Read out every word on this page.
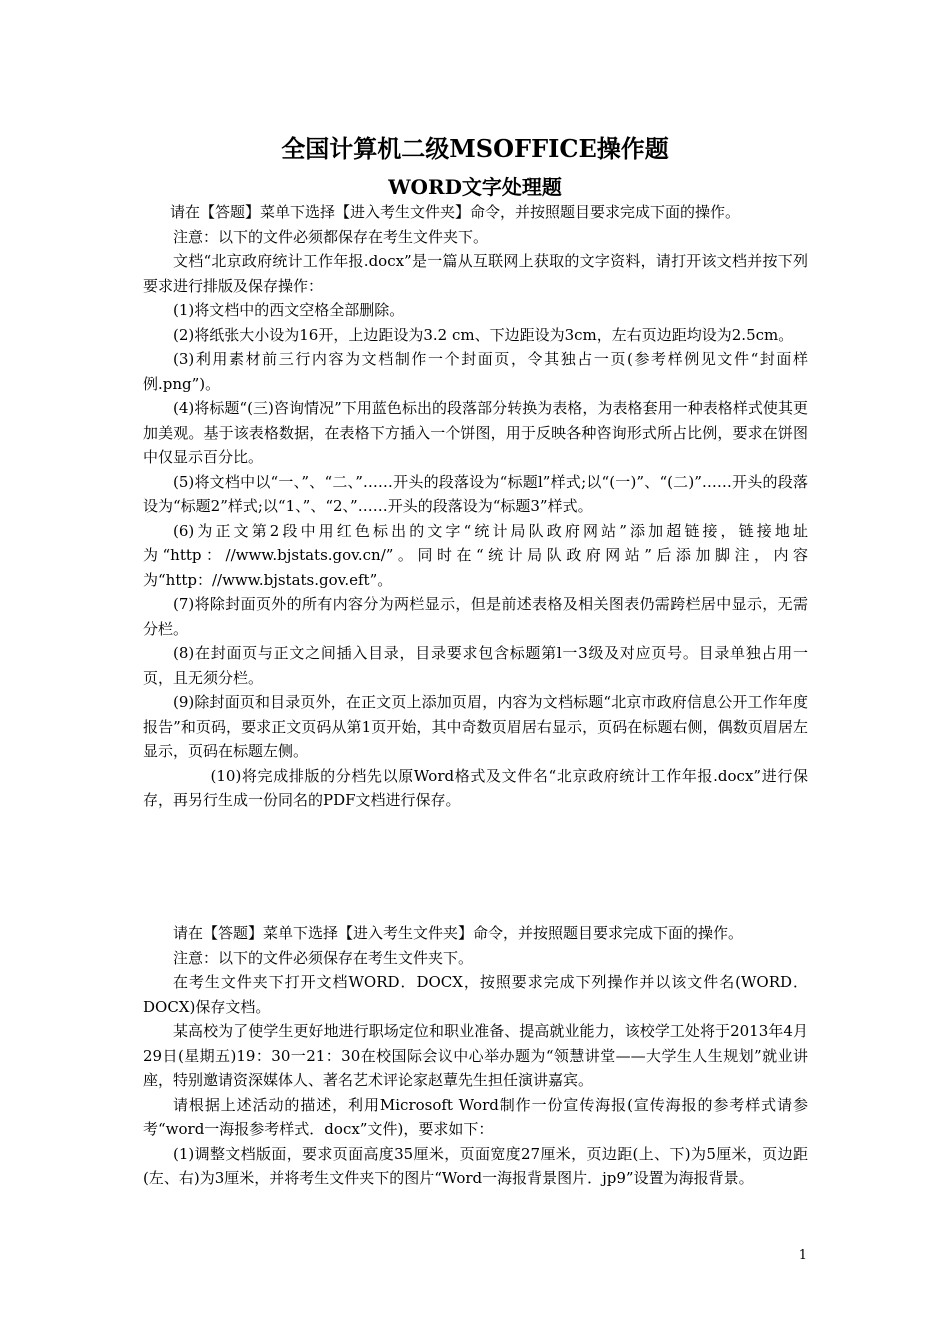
全国计算机二级MSOFFICE操作题
WORD文字处理题

请在【答题】菜单下选择【进入考生文件夹】命令，并按照题目要求完成下面的操作。

注意：以下的文件必须都保存在考生文件夹下。

文档“北京政府统计工作年报.docx”是一篇从互联网上获取的文字资料，请打开该文档并按下列要求进行排版及保存操作：

(1)将文档中的西文空格全部删除。

(2)将纸张大小设为16开，上边距设为3.2 cm、下边距设为3cm，左右页边距均设为2.5cm。

(3)利用素材前三行内容为文档制作一个封面页，令其独占一页(参考样例见文件“封面样例.png”)。

(4)将标题“(三)咨询情况”下用蓝色标出的段落部分转换为表格，为表格套用一种表格样式使其更加美观。基于该表格数据，在表格下方插入一个饼图，用于反映各种咨询形式所占比例，要求在饼图中仅显示百分比。

(5)将文档中以“一、”、“二、”……开头的段落设为“标题l”样式;以“(一)”、“(二)”……开头的段落设为“标题2”样式;以“1、”、“2、”……开头的段落设为“标题3”样式。

(6)为正文第2段中用红色标出的文字“统计局队政府网站”添加超链接，链接地址为“http：//www.bjstats.gov.cn/”。同时在“统计局队政府网站”后添加脚注，内容为“http：//www.bjstats.gov.eft”。

(7)将除封面页外的所有内容分为两栏显示，但是前述表格及相关图表仍需跨栏居中显示，无需分栏。

(8)在封面页与正文之间插入目录，目录要求包含标题第l一3级及对应页号。目录单独占用一页，且无须分栏。

(9)除封面页和目录页外，在正文页上添加页眉，内容为文档标题“北京市政府信息公开工作年度报告”和页码，要求正文页码从第1页开始，其中奇数页眉居右显示，页码在标题右侧，偶数页眉居左显示，页码在标题左侧。

(10)将完成排版的分档先以原Word格式及文件名“北京政府统计工作年报.docx”进行保存，再另行生成一份同名的PDF文档进行保存。

请在【答题】菜单下选择【进入考生文件夹】命令，并按照题目要求完成下面的操作。

注意：以下的文件必须保存在考生文件夹下。

在考生文件夹下打开文档WORD．DOCX，按照要求完成下列操作并以该文件名(WORD．DOCX)保存文档。

某高校为了使学生更好地进行职场定位和职业准备、提高就业能力，该校学工处将于2013年4月29日(星期五)19：30一21：30在校国际会议中心举办题为“领慧讲堂——大学生人生规划”就业讲座，特别邀请资深媒体人、著名艺术评论家赵蕈先生担任演讲嘉宾。

请根据上述活动的描述，利用Microsoft Word制作一份宣传海报(宣传海报的参考样式请参考“word一海报参考样式．docx”文件)，要求如下：

(1)调整文档版面，要求页面高度35厘米，页面宽度27厘米，页边距(上、下)为5厘米，页边距(左、右)为3厘米，并将考生文件夹下的图片“Word一海报背景图片．jp9”设置为海报背景。

1
